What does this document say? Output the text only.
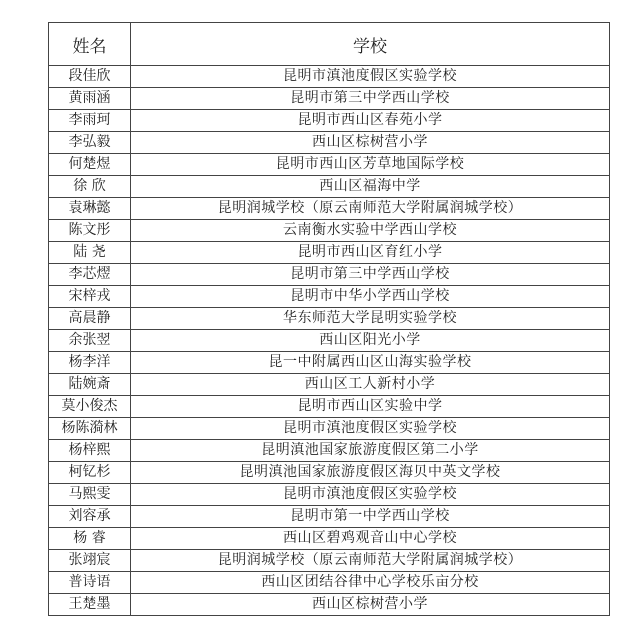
姓名	学校
段佳欣	昆明市滇池度假区实验学校
黄雨涵	昆明市第三中学西山学校
李雨珂	昆明市西山区春苑小学
李弘毅	西山区棕树营小学
何楚煜	昆明市西山区芳草地国际学校
徐 欣	西山区福海中学
袁琳懿	昆明润城学校（原云南师范大学附属润城学校）
陈文彤	云南衡水实验中学西山学校
陆 尧	昆明市西山区育红小学
李芯熤	昆明市第三中学西山学校
宋梓戎	昆明市中华小学西山学校
高晨静	华东师范大学昆明实验学校
余张翌	西山区阳光小学
杨李洋	昆一中附属西山区山海实验学校
陆婉斎	西山区工人新村小学
莫小俊杰	昆明市西山区实验中学
杨陈漪林	昆明市滇池度假区实验学校
杨梓熙	昆明滇池国家旅游度假区第二小学
柯钇杉	昆明滇池国家旅游度假区海贝中英文学校
马熙雯	昆明市滇池度假区实验学校
刘容承	昆明市第一中学西山学校
杨 睿	西山区碧鸡观音山中心学校
张翊宸	昆明润城学校（原云南师范大学附属润城学校）
普诗语	西山区团结谷律中心学校乐亩分校
王楚墨	西山区棕树营小学
